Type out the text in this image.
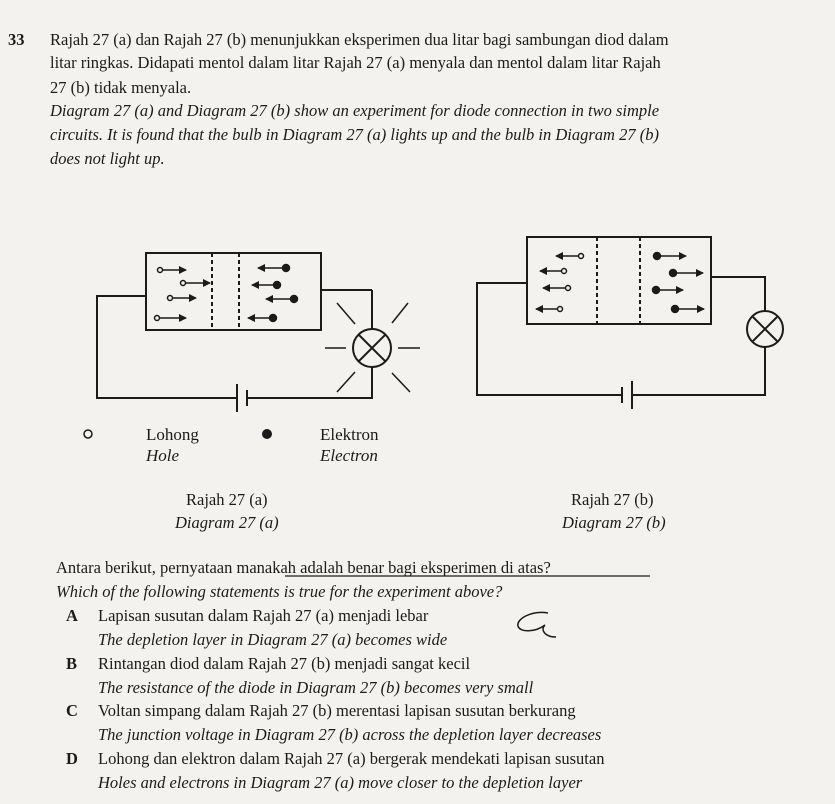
33 Rajah 27 (a) dan Rajah 27 (b) menunjukkan eksperimen dua litar bagi sambungan diod dalam
litar ringkas. Didapati mentol dalam litar Rajah 27 (a) menyala dan mentol dalam litar Rajah
27 (b) tidak menyala.
Diagram 27 (a) and Diagram 27 (b) show an experiment for diode connection in two simple
circuits. It is found that the bulb in Diagram 27 (a) lights up and the bulb in Diagram 27 (b)
does not light up.
Lohong
Hole
Elektron
Electron
Rajah 27 (a)
Diagram 27 (a)
Rajah 27 (b)
Diagram 27 (b)
Antara berikut, pernyataan manakah adalah benar bagi eksperimen di atas?
Which of the following statements is true for the experiment above?
A Lapisan susutan dalam Rajah 27 (a) menjadi lebar
The depletion layer in Diagram 27 (a) becomes wide
B Rintangan diod dalam Rajah 27 (b) menjadi sangat kecil
The resistance of the diode in Diagram 27 (b) becomes very small
C Voltan simpang dalam Rajah 27 (b) merentasi lapisan susutan berkurang
The junction voltage in Diagram 27 (b) across the depletion layer decreases
D Lohong dan elektron dalam Rajah 27 (a) bergerak mendekati lapisan susutan
Holes and electrons in Diagram 27 (a) move closer to the depletion layer
